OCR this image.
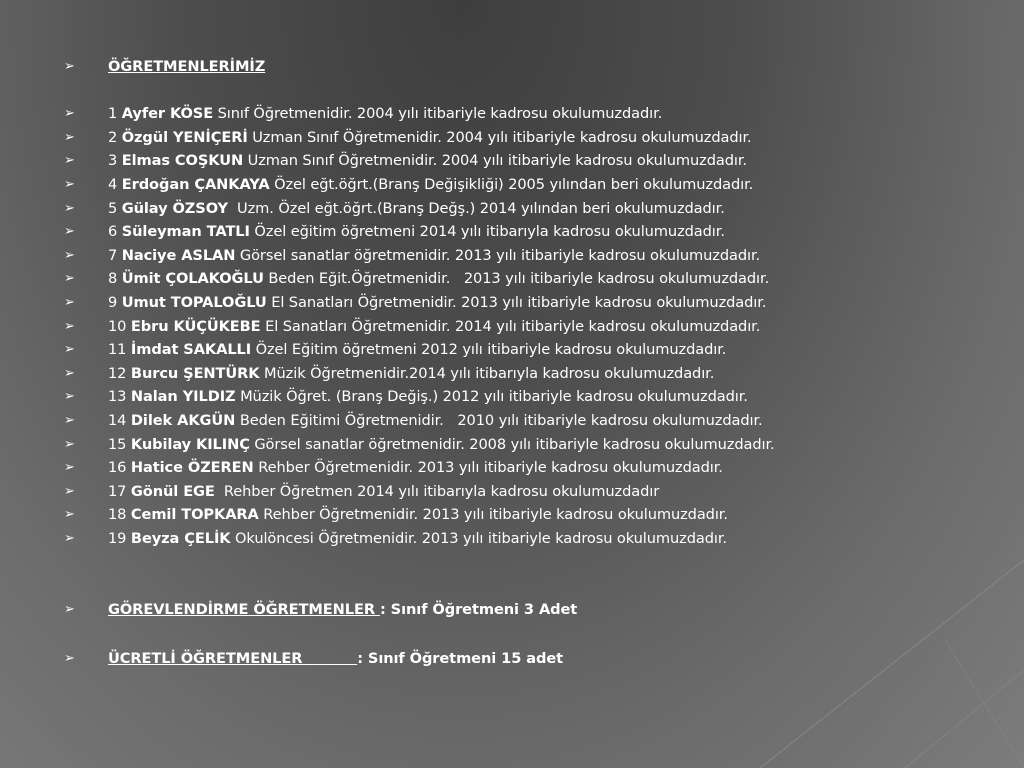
➢	ÖĞRETMENLERİMİZ
➢	1 Ayfer KÖSE Sınıf Öğretmenidir. 2004 yılı itibariyle kadrosu okulumuzdadır.
➢	2 Özgül YENİÇERİ Uzman Sınıf Öğretmenidir. 2004 yılı itibariyle kadrosu okulumuzdadır.
➢	3 Elmas COŞKUN Uzman Sınıf Öğretmenidir. 2004 yılı itibariyle kadrosu okulumuzdadır.
➢	4 Erdoğan ÇANKAYA Özel eğt.öğrt.(Branş Değişikliği) 2005 yılından beri okulumuzdadır.
➢	5 Gülay ÖZSOY  Uzm. Özel eğt.öğrt.(Branş Değş.) 2014 yılından beri okulumuzdadır.
➢	6 Süleyman TATLI Özel eğitim öğretmeni 2014 yılı itibarıyla kadrosu okulumuzdadır.
➢	7 Naciye ASLAN Görsel sanatlar öğretmenidir. 2013 yılı itibariyle kadrosu okulumuzdadır.
➢	8 Ümit ÇOLAKOĞLU Beden Eğit.Öğretmenidir.   2013 yılı itibariyle kadrosu okulumuzdadır.
➢	9 Umut TOPALOĞLU El Sanatları Öğretmenidir. 2013 yılı itibariyle kadrosu okulumuzdadır.
➢	10 Ebru KÜÇÜKEBE El Sanatları Öğretmenidir. 2014 yılı itibariyle kadrosu okulumuzdadır.
➢	11 İmdat SAKALLI Özel Eğitim öğretmeni 2012 yılı itibariyle kadrosu okulumuzdadır.
➢	12 Burcu ŞENTÜRK Müzik Öğretmenidir.2014 yılı itibarıyla kadrosu okulumuzdadır.
➢	13 Nalan YILDIZ Müzik Öğret. (Branş Değiş.) 2012 yılı itibariyle kadrosu okulumuzdadır.
➢	14 Dilek AKGÜN Beden Eğitimi Öğretmenidir.   2010 yılı itibariyle kadrosu okulumuzdadır.
➢	15 Kubilay KILINÇ Görsel sanatlar öğretmenidir. 2008 yılı itibariyle kadrosu okulumuzdadır.
➢	16 Hatice ÖZEREN Rehber Öğretmenidir. 2013 yılı itibariyle kadrosu okulumuzdadır.
➢	17 Gönül EGE  Rehber Öğretmen 2014 yılı itibarıyla kadrosu okulumuzdadır
➢	18 Cemil TOPKARA Rehber Öğretmenidir. 2013 yılı itibariyle kadrosu okulumuzdadır.
➢	19 Beyza ÇELİK Okulöncesi Öğretmenidir. 2013 yılı itibariyle kadrosu okulumuzdadır.
➢	GÖREVLENDİRME ÖĞRETMENLER : Sınıf Öğretmeni 3 Adet
➢	ÜCRETLİ ÖĞRETMENLER           : Sınıf Öğretmeni 15 adet
